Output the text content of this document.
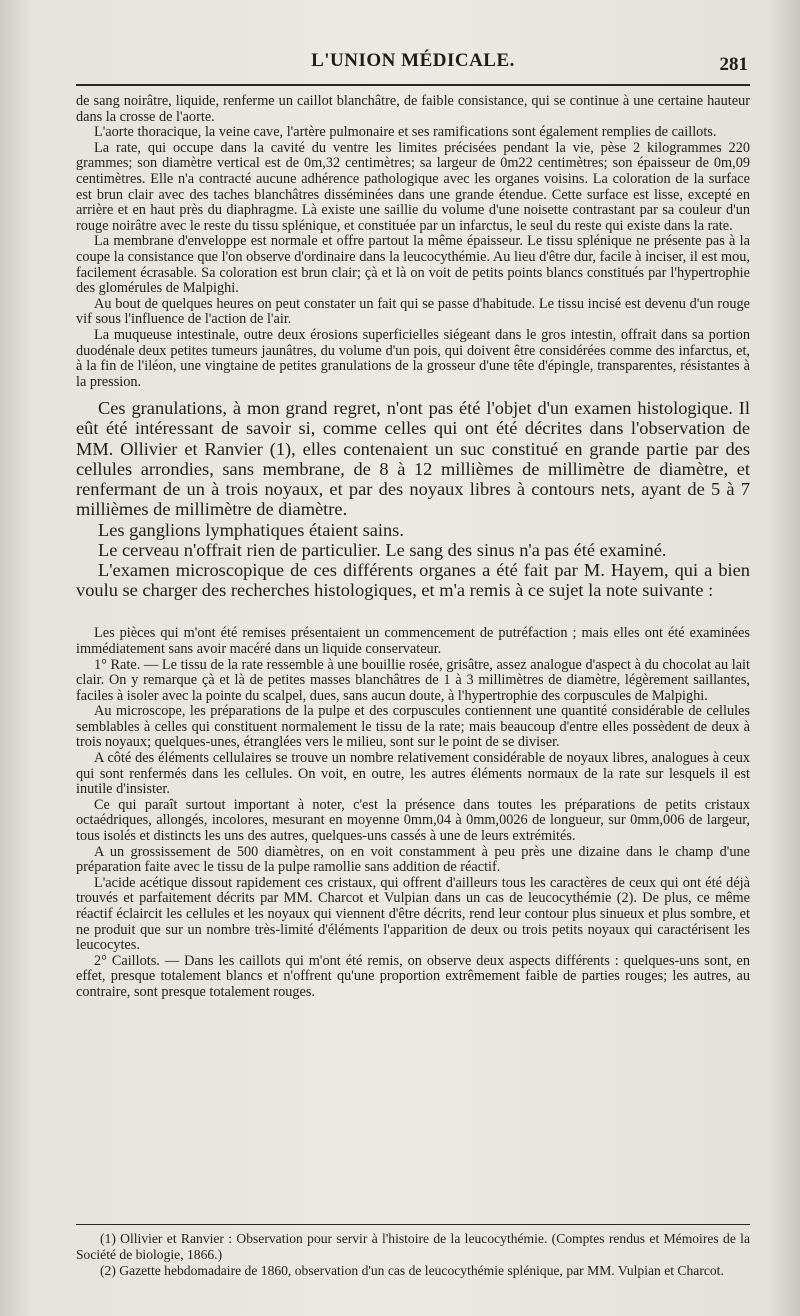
L'UNION MÉDICALE.	281

de sang noirâtre, liquide, renferme un caillot blanchâtre, de faible consistance, qui se continue à une certaine hauteur dans la crosse de l'aorte.

L'aorte thoracique, la veine cave, l'artère pulmonaire et ses ramifications sont également remplies de caillots.

La rate, qui occupe dans la cavité du ventre les limites précisées pendant la vie, pèse 2 kilogrammes 220 grammes; son diamètre vertical est de 0m,32 centimètres; sa largeur de 0m22 centimètres; son épaisseur de 0m,09 centimètres. Elle n'a contracté aucune adhérence pathologique avec les organes voisins. La coloration de la surface est brun clair avec des taches blanchâtres disséminées dans une grande étendue. Cette surface est lisse, excepté en arrière et en haut près du diaphragme. Là existe une saillie du volume d'une noisette contrastant par sa couleur d'un rouge noirâtre avec le reste du tissu splénique, et constituée par un infarctus, le seul du reste qui existe dans la rate.

La membrane d'enveloppe est normale et offre partout la même épaisseur. Le tissu splénique ne présente pas à la coupe la consistance que l'on observe d'ordinaire dans la leucocythémie. Au lieu d'être dur, facile à inciser, il est mou, facilement écrasable. Sa coloration est brun clair; çà et là on voit de petits points blancs constitués par l'hypertrophie des glomérules de Malpighi.

Au bout de quelques heures on peut constater un fait qui se passe d'habitude. Le tissu incisé est devenu d'un rouge vif sous l'influence de l'action de l'air.

La muqueuse intestinale, outre deux érosions superficielles siégeant dans le gros intestin, offrait dans sa portion duodénale deux petites tumeurs jaunâtres, du volume d'un pois, qui doivent être considérées comme des infarctus, et, à la fin de l'iléon, une vingtaine de petites granulations de la grosseur d'une tête d'épingle, transparentes, résistantes à la pression.

Ces granulations, à mon grand regret, n'ont pas été l'objet d'un examen histologique. Il eût été intéressant de savoir si, comme celles qui ont été décrites dans l'observation de MM. Ollivier et Ranvier (1), elles contenaient un suc constitué en grande partie par des cellules arrondies, sans membrane, de 8 à 12 millièmes de millimètre de diamètre, et renfermant de un à trois noyaux, et par des noyaux libres à contours nets, ayant de 5 à 7 millièmes de millimètre de diamètre.

Les ganglions lymphatiques étaient sains.

Le cerveau n'offrait rien de particulier. Le sang des sinus n'a pas été examiné.

L'examen microscopique de ces différents organes a été fait par M. Hayem, qui a bien voulu se charger des recherches histologiques, et m'a remis à ce sujet la note suivante :

Les pièces qui m'ont été remises présentaient un commencement de putréfaction ; mais elles ont été examinées immédiatement sans avoir macéré dans un liquide conservateur.

1° Rate. — Le tissu de la rate ressemble à une bouillie rosée, grisâtre, assez analogue d'aspect à du chocolat au lait clair. On y remarque çà et là de petites masses blanchâtres de 1 à 3 millimètres de diamètre, légèrement saillantes, faciles à isoler avec la pointe du scalpel, dues, sans aucun doute, à l'hypertrophie des corpuscules de Malpighi.

Au microscope, les préparations de la pulpe et des corpuscules contiennent une quantité considérable de cellules semblables à celles qui constituent normalement le tissu de la rate; mais beaucoup d'entre elles possèdent de deux à trois noyaux; quelques-unes, étranglées vers le milieu, sont sur le point de se diviser.

A côté des éléments cellulaires se trouve un nombre relativement considérable de noyaux libres, analogues à ceux qui sont renfermés dans les cellules. On voit, en outre, les autres éléments normaux de la rate sur lesquels il est inutile d'insister.

Ce qui paraît surtout important à noter, c'est la présence dans toutes les préparations de petits cristaux octaédriques, allongés, incolores, mesurant en moyenne 0mm,04 à 0mm,0026 de longueur, sur 0mm,006 de largeur, tous isolés et distincts les uns des autres, quelques-uns cassés à une de leurs extrémités.

A un grossissement de 500 diamètres, on en voit constamment à peu près une dizaine dans le champ d'une préparation faite avec le tissu de la pulpe ramollie sans addition de réactif.

L'acide acétique dissout rapidement ces cristaux, qui offrent d'ailleurs tous les caractères de ceux qui ont été déjà trouvés et parfaitement décrits par MM. Charcot et Vulpian dans un cas de leucocythémie (2). De plus, ce même réactif éclaircit les cellules et les noyaux qui viennent d'être décrits, rend leur contour plus sinueux et plus sombre, et ne produit que sur un nombre très-limité d'éléments l'apparition de deux ou trois petits noyaux qui caractérisent les leucocytes.

2° Caillots. — Dans les caillots qui m'ont été remis, on observe deux aspects différents : quelques-uns sont, en effet, presque totalement blancs et n'offrent qu'une proportion extrêmement faible de parties rouges; les autres, au contraire, sont presque totalement rouges.

(1) Ollivier et Ranvier : Observation pour servir à l'histoire de la leucocythémie. (Comptes rendus et Mémoires de la Société de biologie, 1866.)

(2) Gazette hebdomadaire de 1860, observation d'un cas de leucocythémie splénique, par MM. Vulpian et Charcot.
